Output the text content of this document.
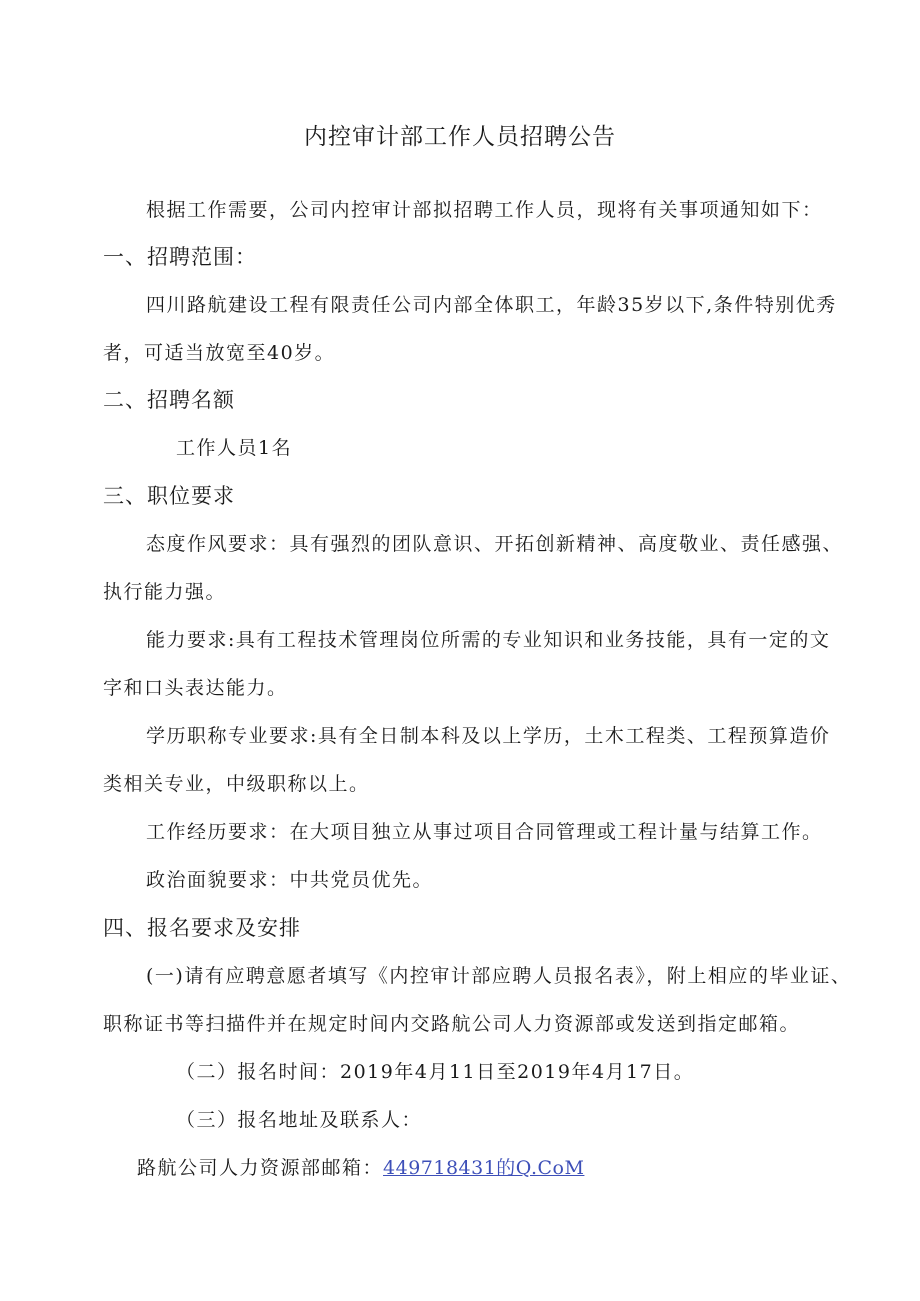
内控审计部工作人员招聘公告
根据工作需要，公司内控审计部拟招聘工作人员，现将有关事项通知如下：
一、招聘范围：
四川路航建设工程有限责任公司内部全体职工，年龄35岁以下,条件特别优秀
者，可适当放宽至40岁。
二、招聘名额
工作人员1名
三、职位要求
态度作风要求：具有强烈的团队意识、开拓创新精神、高度敬业、责任感强、
执行能力强。
能力要求:具有工程技术管理岗位所需的专业知识和业务技能，具有一定的文
字和口头表达能力。
学历职称专业要求:具有全日制本科及以上学历，土木工程类、工程预算造价
类相关专业，中级职称以上。
工作经历要求：在大项目独立从事过项目合同管理或工程计量与结算工作。
政治面貌要求：中共党员优先。
四、报名要求及安排
(一)请有应聘意愿者填写《内控审计部应聘人员报名表》，附上相应的毕业证、
职称证书等扫描件并在规定时间内交路航公司人力资源部或发送到指定邮箱。
（二）报名时间：2019年4月11日至2019年4月17日。
（三）报名地址及联系人：
路航公司人力资源部邮箱：449718431的Q.CoM
